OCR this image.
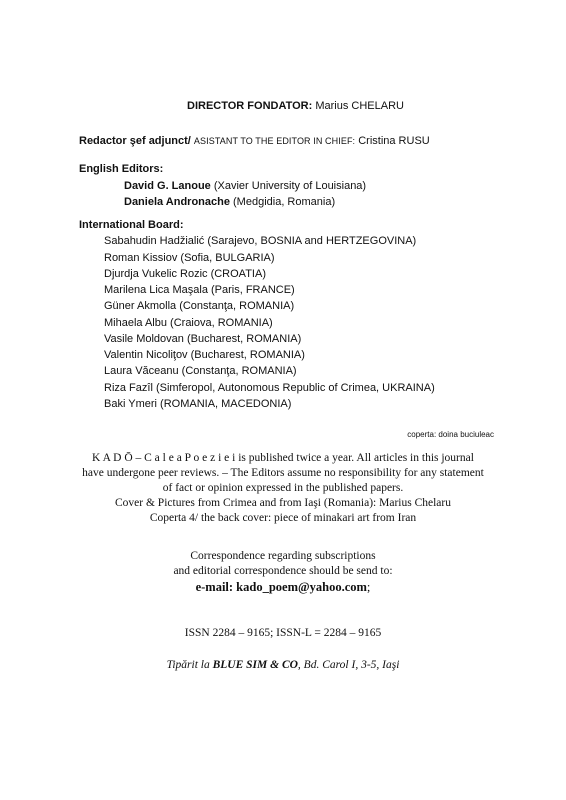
DIRECTOR FONDATOR: Marius CHELARU
Redactor şef adjunct/ ASISTANT TO THE EDITOR IN CHIEF: Cristina RUSU
English Editors:
David G. Lanoue (Xavier University of Louisiana)
Daniela Andronache (Medgidia, Romania)
International Board:
Sabahudin Hadžialić (Sarajevo, BOSNIA and HERTZEGOVINA)
Roman Kissiov (Sofia, BULGARIA)
Djurdja Vukelic Rozic (CROATIA)
Marilena Lica Maşala (Paris, FRANCE)
Güner Akmolla (Constanţa, ROMANIA)
Mihaela Albu (Craiova, ROMANIA)
Vasile Moldovan (Bucharest, ROMANIA)
Valentin Nicoliţov (Bucharest, ROMANIA)
Laura Văceanu (Constanţa, ROMANIA)
Riza Fazîl (Simferopol, Autonomous Republic of Crimea, UKRAINA)
Baki Ymeri (ROMANIA, MACEDONIA)
coperta: doina buciuleac
K A D Ō – C a l e a P o e z i e i is published twice a year. All articles in this journal
have undergone peer reviews. – The Editors assume no responsibility for any statement
of fact or opinion expressed in the published papers.
Cover & Pictures from Crimea and from Iaşi (Romania): Marius Chelaru
Coperta 4/ the back cover: piece of minakari art from Iran
Correspondence regarding subscriptions
and editorial correspondence should be send to:
e-mail: kado_poem@yahoo.com;
ISSN 2284 – 9165; ISSN-L = 2284 – 9165
Tipărit la BLUE SIM & CO, Bd. Carol I, 3-5, Iaşi
